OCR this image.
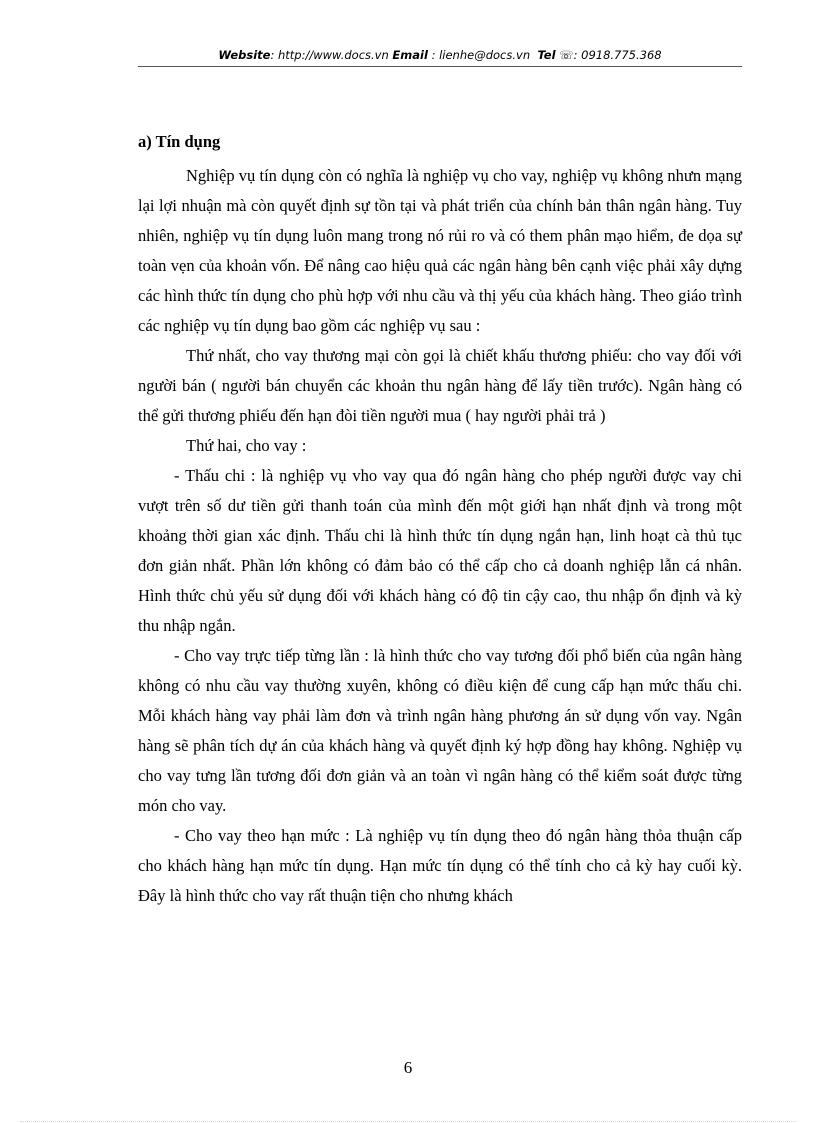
Website: http://www.docs.vn Email : lienhe@docs.vn Tel ☏: 0918.775.368
a) Tín dụng

Nghiệp vụ tín dụng còn có nghĩa là nghiệp vụ cho vay, nghiệp vụ không nhưn mạng lại lợi nhuận mà còn quyết định sự tồn tại và phát triển của chính bản thân ngân hàng. Tuy nhiên, nghiệp vụ tín dụng luôn mang trong nó rủi ro và có them phân mạo hiểm, đe dọa sự toàn vẹn của khoản vốn. Để nâng cao hiệu quả các ngân hàng bên cạnh việc phải xây dựng các hình thức tín dụng cho phù hợp với nhu cầu và thị yếu của khách hàng. Theo giáo trình các nghiệp vụ tín dụng bao gồm các nghiệp vụ sau :

Thứ nhất, cho vay thương mại còn gọi là chiết khấu thương phiếu: cho vay đối với người bán ( người bán chuyển các khoản thu ngân hàng để lấy tiền trước). Ngân hàng có thể gửi thương phiếu đến hạn đòi tiền người mua ( hay người phải trả )

Thứ hai, cho vay :

- Thấu chi : là nghiệp vụ vho vay qua đó ngân hàng cho phép người được vay chi vượt trên số dư tiền gửi thanh toán của mình đến một giới hạn nhất định và trong một khoảng thời gian xác định. Thấu chi là hình thức tín dụng ngắn hạn, linh hoạt cà thủ tục đơn giản nhất. Phần lớn không có đảm bảo có thể cấp cho cả doanh nghiệp lẫn cá nhân. Hình thức chủ yếu sử dụng đối với khách hàng có độ tin cậy cao, thu nhập ổn định và kỳ thu nhập ngắn.

- Cho vay trực tiếp từng lần : là hình thức cho vay tương đối phổ biến của ngân hàng không có nhu cầu vay thường xuyên, không có điều kiện để cung cấp hạn mức thấu chi. Mỗi khách hàng vay phải làm đơn và trình ngân hàng phương án sử dụng vốn vay. Ngân hàng sẽ phân tích dự án của khách hàng và quyết định ký hợp đồng hay không. Nghiệp vụ cho vay tưng lần tương đối đơn giản và an toàn vì ngân hàng có thể kiểm soát được từng món cho vay.

- Cho vay theo hạn mức : Là nghiệp vụ tín dụng theo đó ngân hàng thỏa thuận cấp cho khách hàng hạn mức tín dụng. Hạn mức tín dụng có thể tính cho cả kỳ hay cuối kỳ. Đây là hình thức cho vay rất thuận tiện cho nhưng khách

6
